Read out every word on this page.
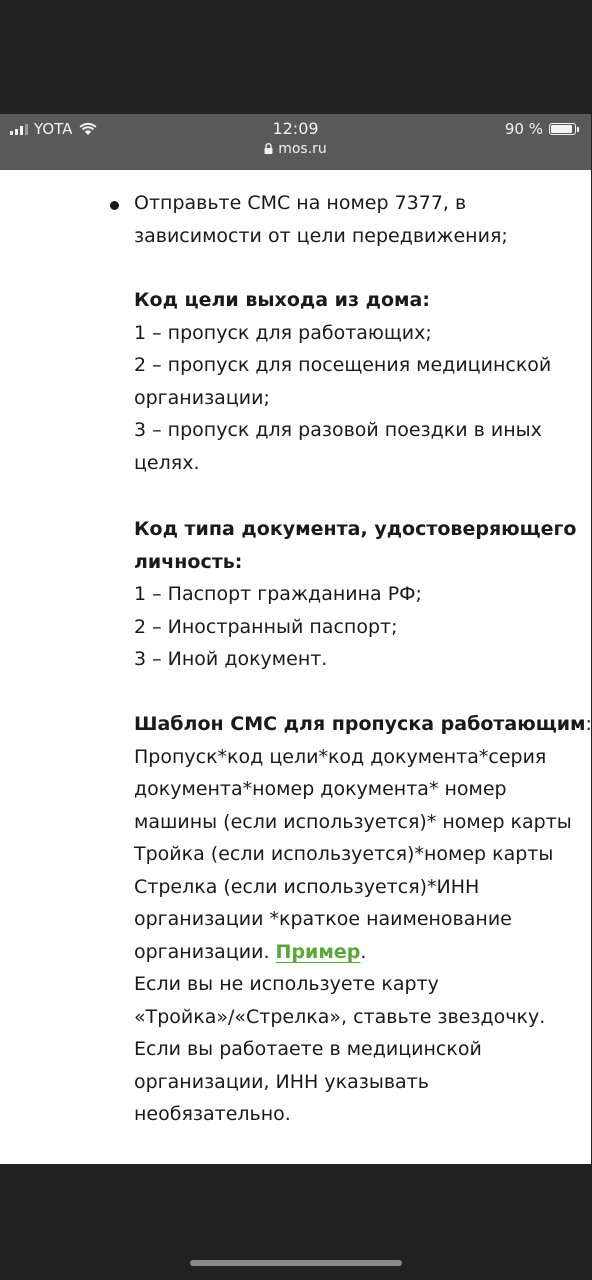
YOTA	12:09
mos.ru
90 %
Отправьте СМС на номер 7377, в
зависимости от цели передвижения;
Код цели выхода из дома:
1 – пропуск для работающих;
2 – пропуск для посещения медицинской
организации;
3 – пропуск для разовой поездки в иных
целях.
Код типа документа, удостоверяющего
личность:
1 – Паспорт гражданина РФ;
2 – Иностранный паспорт;
3 – Иной документ.
Шаблон СМС для пропуска работающим:
Пропуск*код цели*код документа*серия
документа*номер документа* номер
машины (если используется)* номер карты
Тройка (если используется)*номер карты
Стрелка (если используется)*ИНН
организации *краткое наименование
организации. Пример.
Если вы не используете карту
«Тройка»/«Стрелка», ставьте звездочку.
Если вы работаете в медицинской
организации, ИНН указывать
необязательно.
